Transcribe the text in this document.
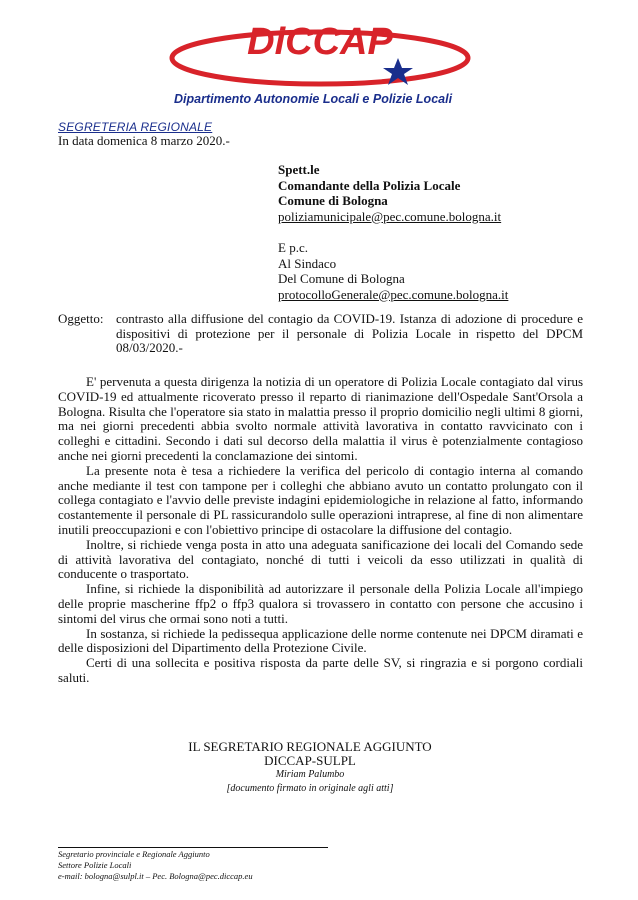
DiCCAP
Dipartimento Autonomie Locali e Polizie Locali
SEGRETERIA REGIONALE
In data domenica 8 marzo 2020.-
Spett.le
Comandante della Polizia Locale
Comune di Bologna
poliziamunicipale@pec.comune.bologna.it
E p.c.
Al Sindaco
Del Comune di Bologna
protocolloGenerale@pec.comune.bologna.it
Oggetto: contrasto alla diffusione del contagio da COVID-19. Istanza di adozione di procedure e dispositivi di protezione per il personale di Polizia Locale in rispetto del DPCM 08/03/2020.-

E' pervenuta a questa dirigenza la notizia di un operatore di Polizia Locale contagiato dal virus COVID-19 ed attualmente ricoverato presso il reparto di rianimazione dell'Ospedale Sant'Orsola a Bologna. Risulta che l'operatore sia stato in malattia presso il proprio domicilio negli ultimi 8 giorni, ma nei giorni precedenti abbia svolto normale attività lavorativa in contatto ravvicinato con i colleghi e cittadini. Secondo i dati sul decorso della malattia il virus è potenzialmente contagioso anche nei giorni precedenti la conclamazione dei sintomi.

La presente nota è tesa a richiedere la verifica del pericolo di contagio interna al comando anche mediante il test con tampone per i colleghi che abbiano avuto un contatto prolungato con il collega contagiato e l'avvio delle previste indagini epidemiologiche in relazione al fatto, informando costantemente il personale di PL rassicurandolo sulle operazioni intraprese, al fine di non alimentare inutili preoccupazioni e con l'obiettivo principe di ostacolare la diffusione del contagio.

Inoltre, si richiede venga posta in atto una adeguata sanificazione dei locali del Comando sede di attività lavorativa del contagiato, nonché di tutti i veicoli da esso utilizzati in qualità di conducente o trasportato.

Infine, si richiede la disponibilità ad autorizzare il personale della Polizia Locale all'impiego delle proprie mascherine ffp2 o ffp3 qualora si trovassero in contatto con persone che accusino i sintomi del virus che ormai sono noti a tutti.

In sostanza, si richiede la pedissequa applicazione delle norme contenute nei DPCM diramati e delle disposizioni del Dipartimento della Protezione Civile.

Certi di una sollecita e positiva risposta da parte delle SV, si ringrazia e si porgono cordiali saluti.

IL SEGRETARIO REGIONALE AGGIUNTO
DICCAP-SULPL
Miriam Palumbo
[documento firmato in originale agli atti]
Segretario provinciale e Regionale Aggiunto
Settore Polizie Locali
e-mail: bologna@sulpl.it – Pec. Bologna@pec.diccap.eu
